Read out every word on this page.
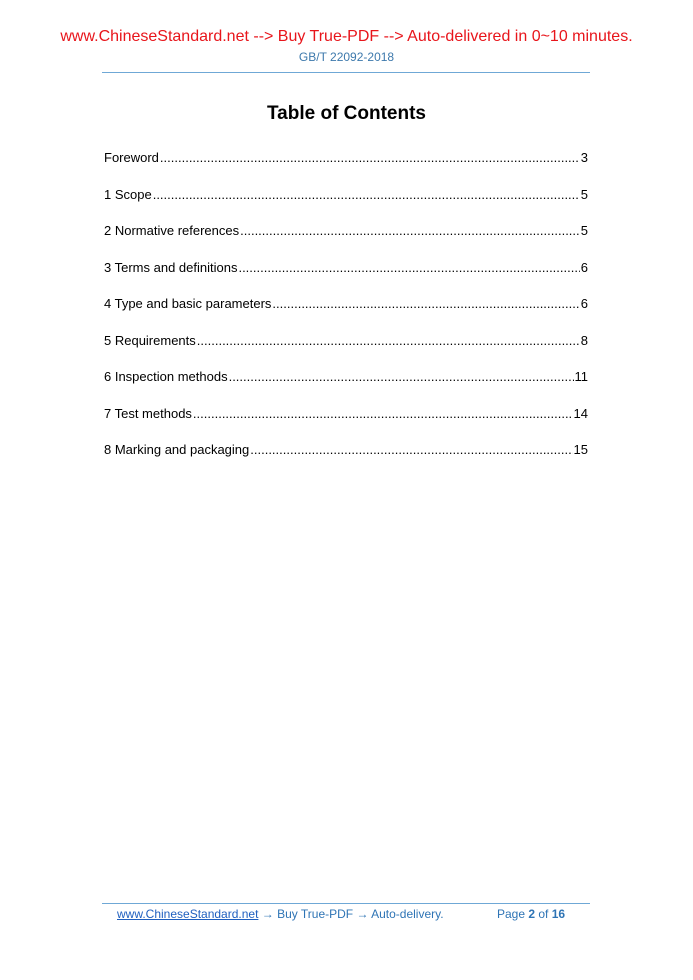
www.ChineseStandard.net --> Buy True-PDF --> Auto-delivered in 0~10 minutes.
GB/T 22092-2018
Table of Contents
Foreword .....	3
1 Scope .....	5
2 Normative references .....	5
3 Terms and definitions .....	6
4 Type and basic parameters .....	6
5 Requirements .....	8
6 Inspection methods .....	11
7 Test methods .....	14
8 Marking and packaging .....	15
www.ChineseStandard.net → Buy True-PDF → Auto-delivery.	Page 2 of 16
